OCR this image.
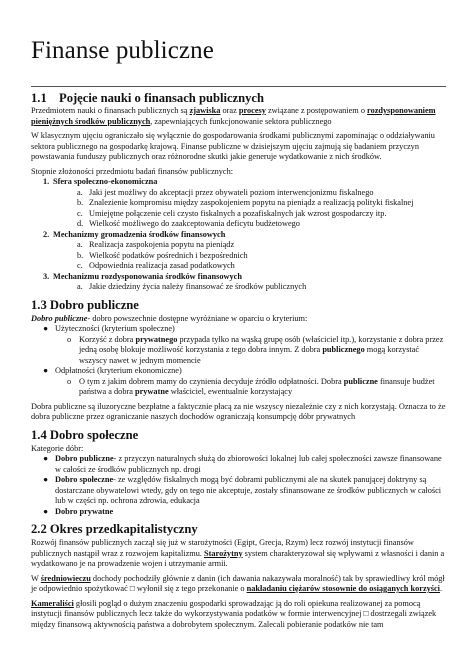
Finanse publiczne
1.1 Pojęcie nauki o finansach publicznych

Przedmiotem nauki o finansach publicznych są zjawiska oraz procesy związane z postępowaniem o rozdysponowaniem pieniężnych środków publicznych, zapewniających funkcjonowanie sektora publicznego

W klasycznym ujęciu ograniczało się wyłącznie do gospodarowania środkami publicznymi zapominając o oddziaływaniu sektora publicznego na gospodarkę krajową. Finanse publiczne w dzisiejszym ujęciu zajmują się badaniem przyczyn powstawania funduszy publicznych oraz różnorodne skutki jakie generuje wydatkowanie z nich środków.

Stopnie złożoności przedmiotu badań finansów publicznych:

1. Sfera społeczno-ekonomiczna
a. Jaki jest możliwy do akceptacji przez obywateli poziom interwencjonizmu fiskalnego
b. Znalezienie kompromisu między zaspokojeniem popytu na pieniądz a realizacją polityki fiskalnej
c. Umiejętne połączenie celi czysto fiskalnych a pozafiskalnych jak wzrost gospodarczy itp.
d. Wielkość możliwego do zaakceptowania deficytu budżetowego
2. Mechanizmy gromadzenia środków finansowych
a. Realizacja zaspokojenia popytu na pieniądz
b. Wielkość podatków pośrednich i bezpośrednich
c. Odpowiednia realizacja zasad podatkowych
3. Mechanizmu rozdysponowania środków finansowych
a. Jakie dziedziny życia należy finansować ze środków publicznych
1.3 Dobro publiczne

Dobro publiczne- dobro powszechnie dostępne wyróżniane w oparciu o kryterium:

● Użyteczności (kryterium społeczne)
o Korzyść z dobra prywatnego przypada tylko na wąską grupę osób (właściciel itp.), korzystanie z dobra przez jedną osobę blokuje możliwość korzystania z tego dobra innym. Z dobra publicznego mogą korzystać wszyscy nawet w jednym momencie
● Odpłatności (kryterium ekonomiczne)
o O tym z jakim dobrem mamy do czynienia decyduje źródło odpłatności. Dobra publiczne finansuje budżet państwa a dobra prywatne właściciel, ewentualnie korzystający

Dobra publiczne są iluzoryczne bezpłatne a faktycznie płacą za nie wszyscy niezależnie czy z nich korzystają. Oznacza to że dobra publiczne przez ograniczanie naszych dochodów ograniczają konsumpcję dóbr prywatnych

1.4 Dobro społeczne

Kategorie dóbr:

● Dobro publiczne- z przyczyn naturalnych służą do zbiorowości lokalnej lub całej społeczności zawsze finansowane w całości ze środków publicznych np. drogi
● Dobro społeczne- ze względów fiskalnych mogą być dobrami publicznymi ale na skutek panującej doktryny są dostarczane obywatelowi wtedy, gdy on tego nie akceptuje, zostały sfinansowane ze środków publicznych w całości lub w części np. ochrona zdrowia, edukacja
● Dobro prywatne
2.2 Okres przedkapitalistyczny

Rozwój finansów publicznych zaczął się już w starożytności (Egipt, Grecja, Rzym) lecz rozwój instytucji finansów publicznych nastąpił wraz z rozwojem kapitalizmu. Starożytny system charakteryzował się wpływami z własności i danin a wydatkowano je na prowadzenie wojen i utrzymanie armii.

W średniowieczu dochody pochodziły głównie z danin (ich dawania nakazywała moralność) tak by sprawiedliwy król mógł je odpowiednio spożytkować □ wyłonił się z tego przekonanie o nakładaniu ciężarów stosownie do osiąganych korzyści.

Kameraliści głosili pogląd o dużym znaczeniu gospodarki sprowadzając ją do roli opiekuna realizowanej za pomocą instytucji finansów publicznych lecz także do wykorzystywania podatków w formie interwencyjnej □ dostrzegali związek między finansową aktywnością państwa a dobrobytem społecznym. Zalecali pobieranie podatków nie tam
